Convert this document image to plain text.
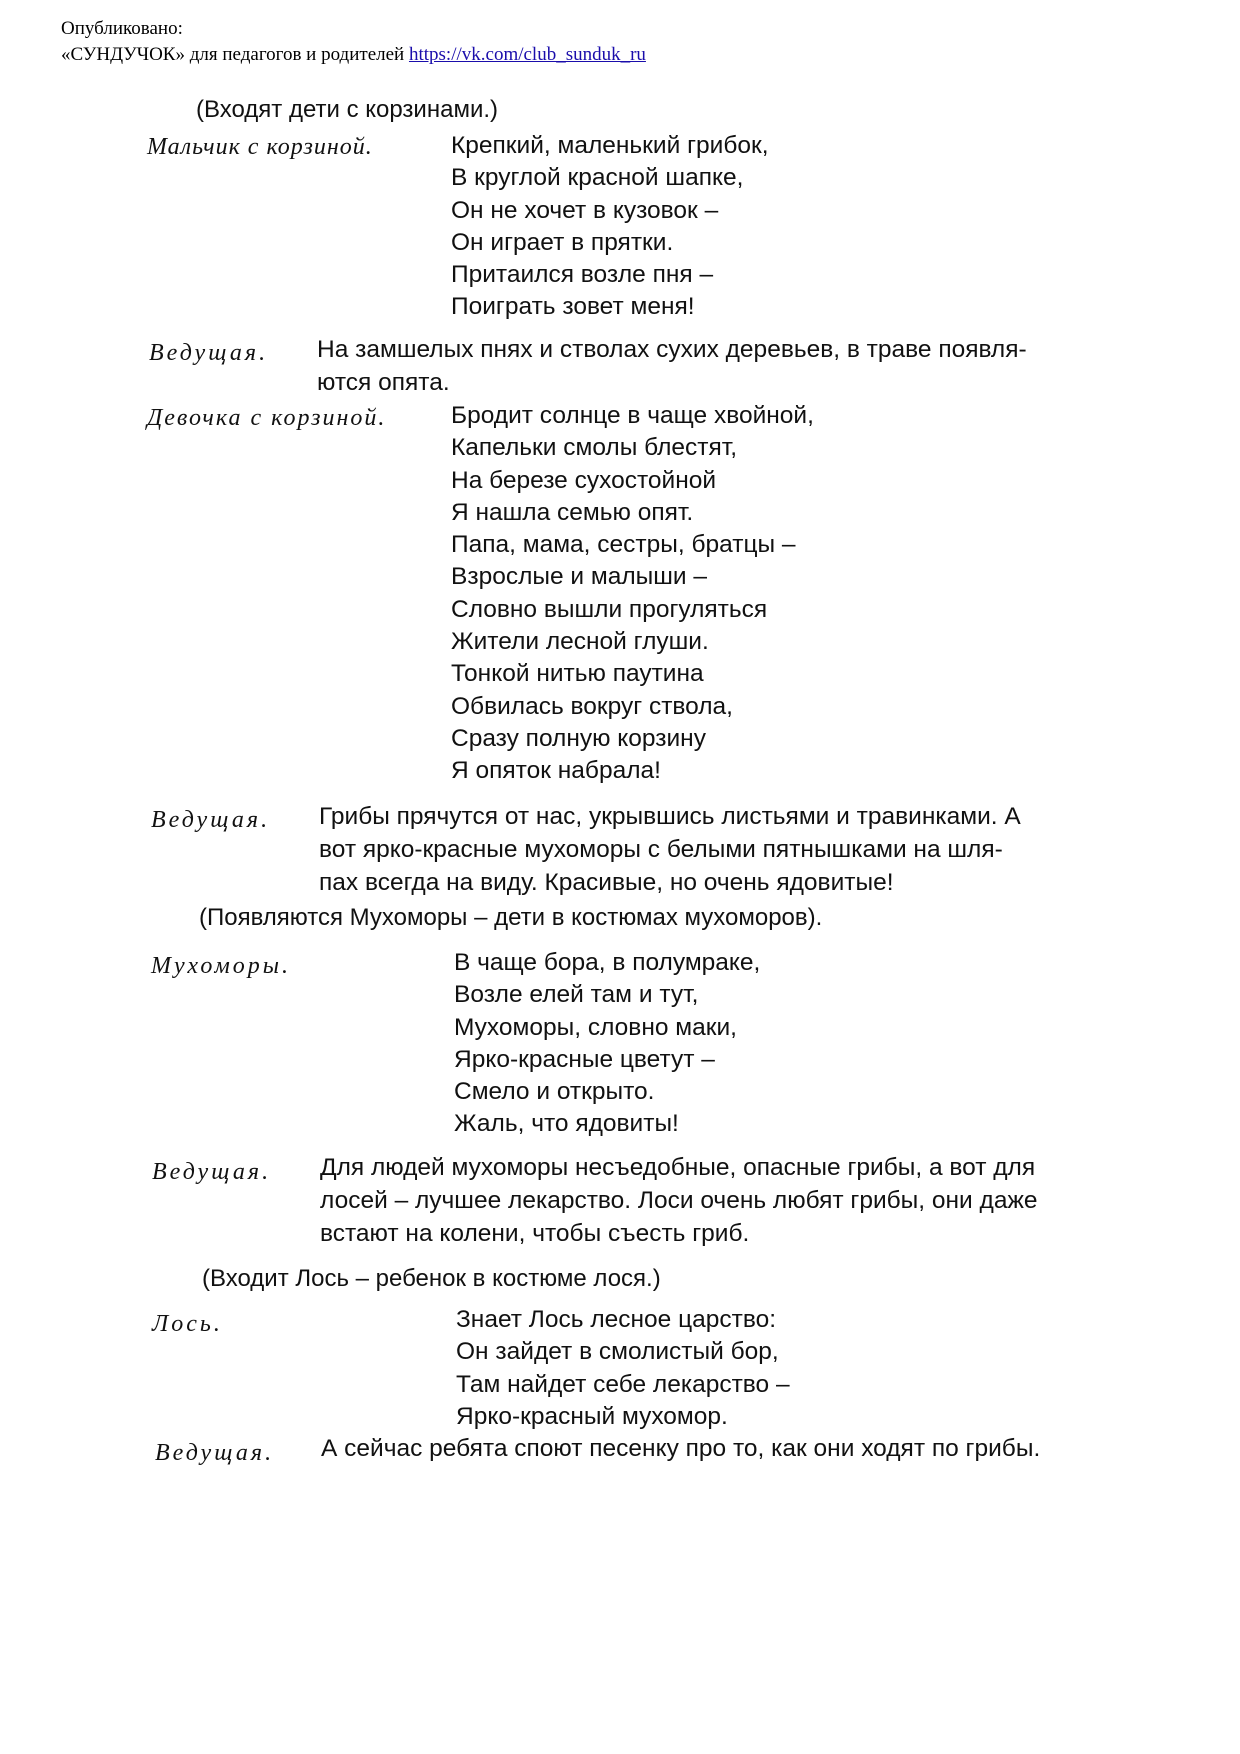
Опубликовано:
«СУНДУЧОК» для педагогов и родителей https://vk.com/club_sunduk_ru
(Входят дети с корзинами.)
Мальчик с корзиной.	Крепкий, маленький грибок,
В круглой красной шапке,
Он не хочет в кузовок –
Он играет в прятки.
Притаился возле пня –
Поиграть зовет меня!
Ведущая. На замшелых пнях и стволах сухих деревьев, в траве появля-
ются опята.
Девочка с корзиной.	Бродит солнце в чаще хвойной,
Капельки смолы блестят,
На березе сухостойной
Я нашла семью опят.
Папа, мама, сестры, братцы –
Взрослые и малыши –
Словно вышли прогуляться
Жители лесной глуши.
Тонкой нитью паутина
Обвилась вокруг ствола,
Сразу полную корзину
Я опяток набрала!
Ведущая. Грибы прячутся от нас, укрывшись листьями и травинками. А
вот ярко-красные мухоморы с белыми пятнышками на шля-
пах всегда на виду. Красивые, но очень ядовитые!
(Появляются Мухоморы – дети в костюмах мухоморов).
Мухоморы.	В чаще бора, в полумраке,
Возле елей там и тут,
Мухоморы, словно маки,
Ярко-красные цветут –
Смело и открыто.
Жаль, что ядовиты!
Ведущая. Для людей мухоморы несъедобные, опасные грибы, а вот для
лосей – лучшее лекарство. Лоси очень любят грибы, они даже
встают на колени, чтобы съесть гриб.
(Входит Лось – ребенок в костюме лося.)
Лось.	Знает Лось лесное царство:
Он зайдет в смолистый бор,
Там найдет себе лекарство –
Ярко-красный мухомор.
Ведущая. А сейчас ребята споют песенку про то, как они ходят по грибы.
